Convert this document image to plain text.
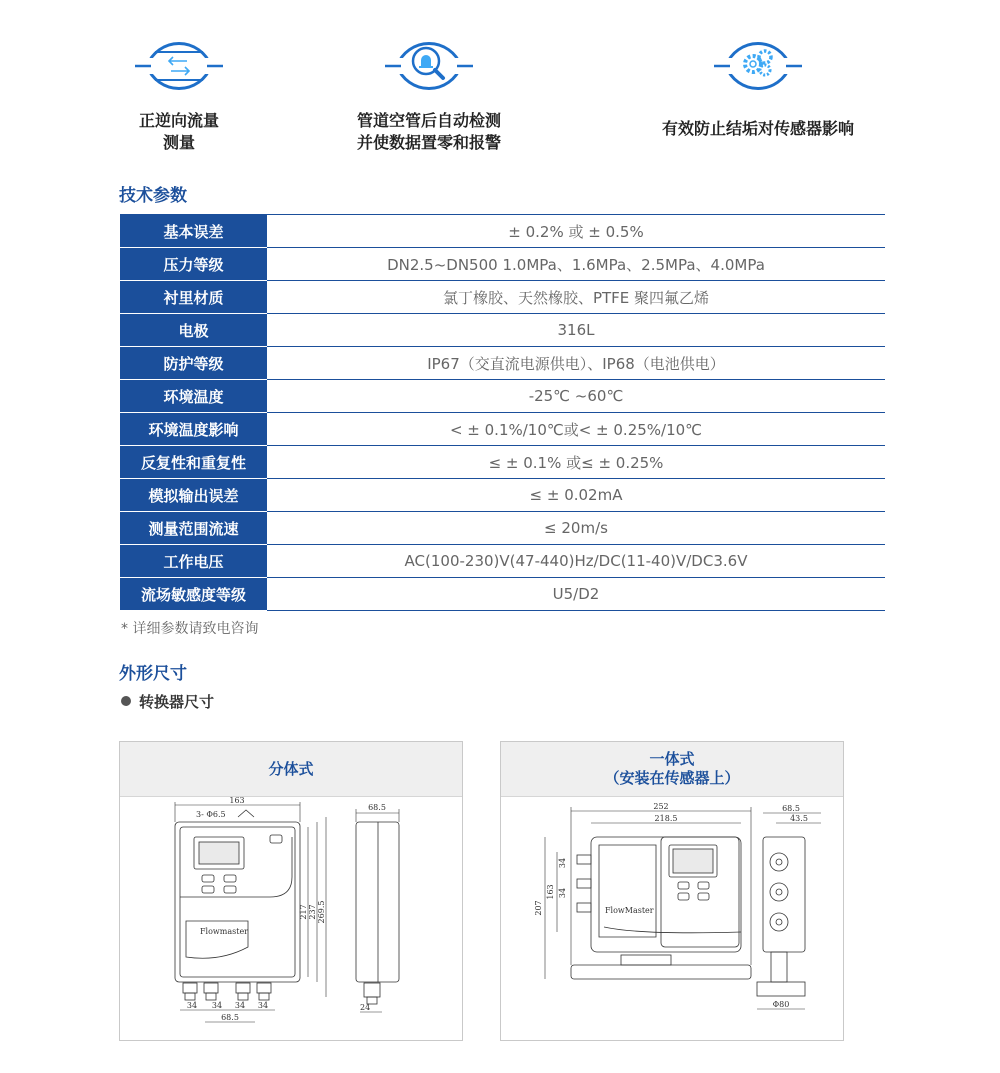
正逆向流量
测量
管道空管后自动检测
并使数据置零和报警
有效防止结垢对传感器影响
技术参数
基本误差	± 0.2% 或 ± 0.5%
压力等级	DN2.5~DN500 1.0MPa、1.6MPa、2.5MPa、4.0MPa
衬里材质	氯丁橡胶、天然橡胶、PTFE 聚四氟乙烯
电极	316L
防护等级	IP67（交直流电源供电）、IP68（电池供电）
环境温度	-25℃ ~60℃
环境温度影响	< ± 0.1%/10℃或< ± 0.25%/10℃
反复性和重复性	≤ ± 0.1% 或≤ ± 0.25%
模拟输出误差	≤ ± 0.02mA
测量范围流速	≤ 20m/s
工作电压	AC(100-230)V(47-440)Hz/DC(11-40)V/DC3.6V
流场敏感度等级	U5/D2
* 详细参数请致电咨询
外形尺寸
转换器尺寸
分体式
163
3- Φ6.5
68.5
217 237 269.5
Flowmaster
34 34 34 34
68.5
24
一体式
（安装在传感器上）
252
218.5
207
163
34
34
FlowMaster
68.5
43.5
Φ80
